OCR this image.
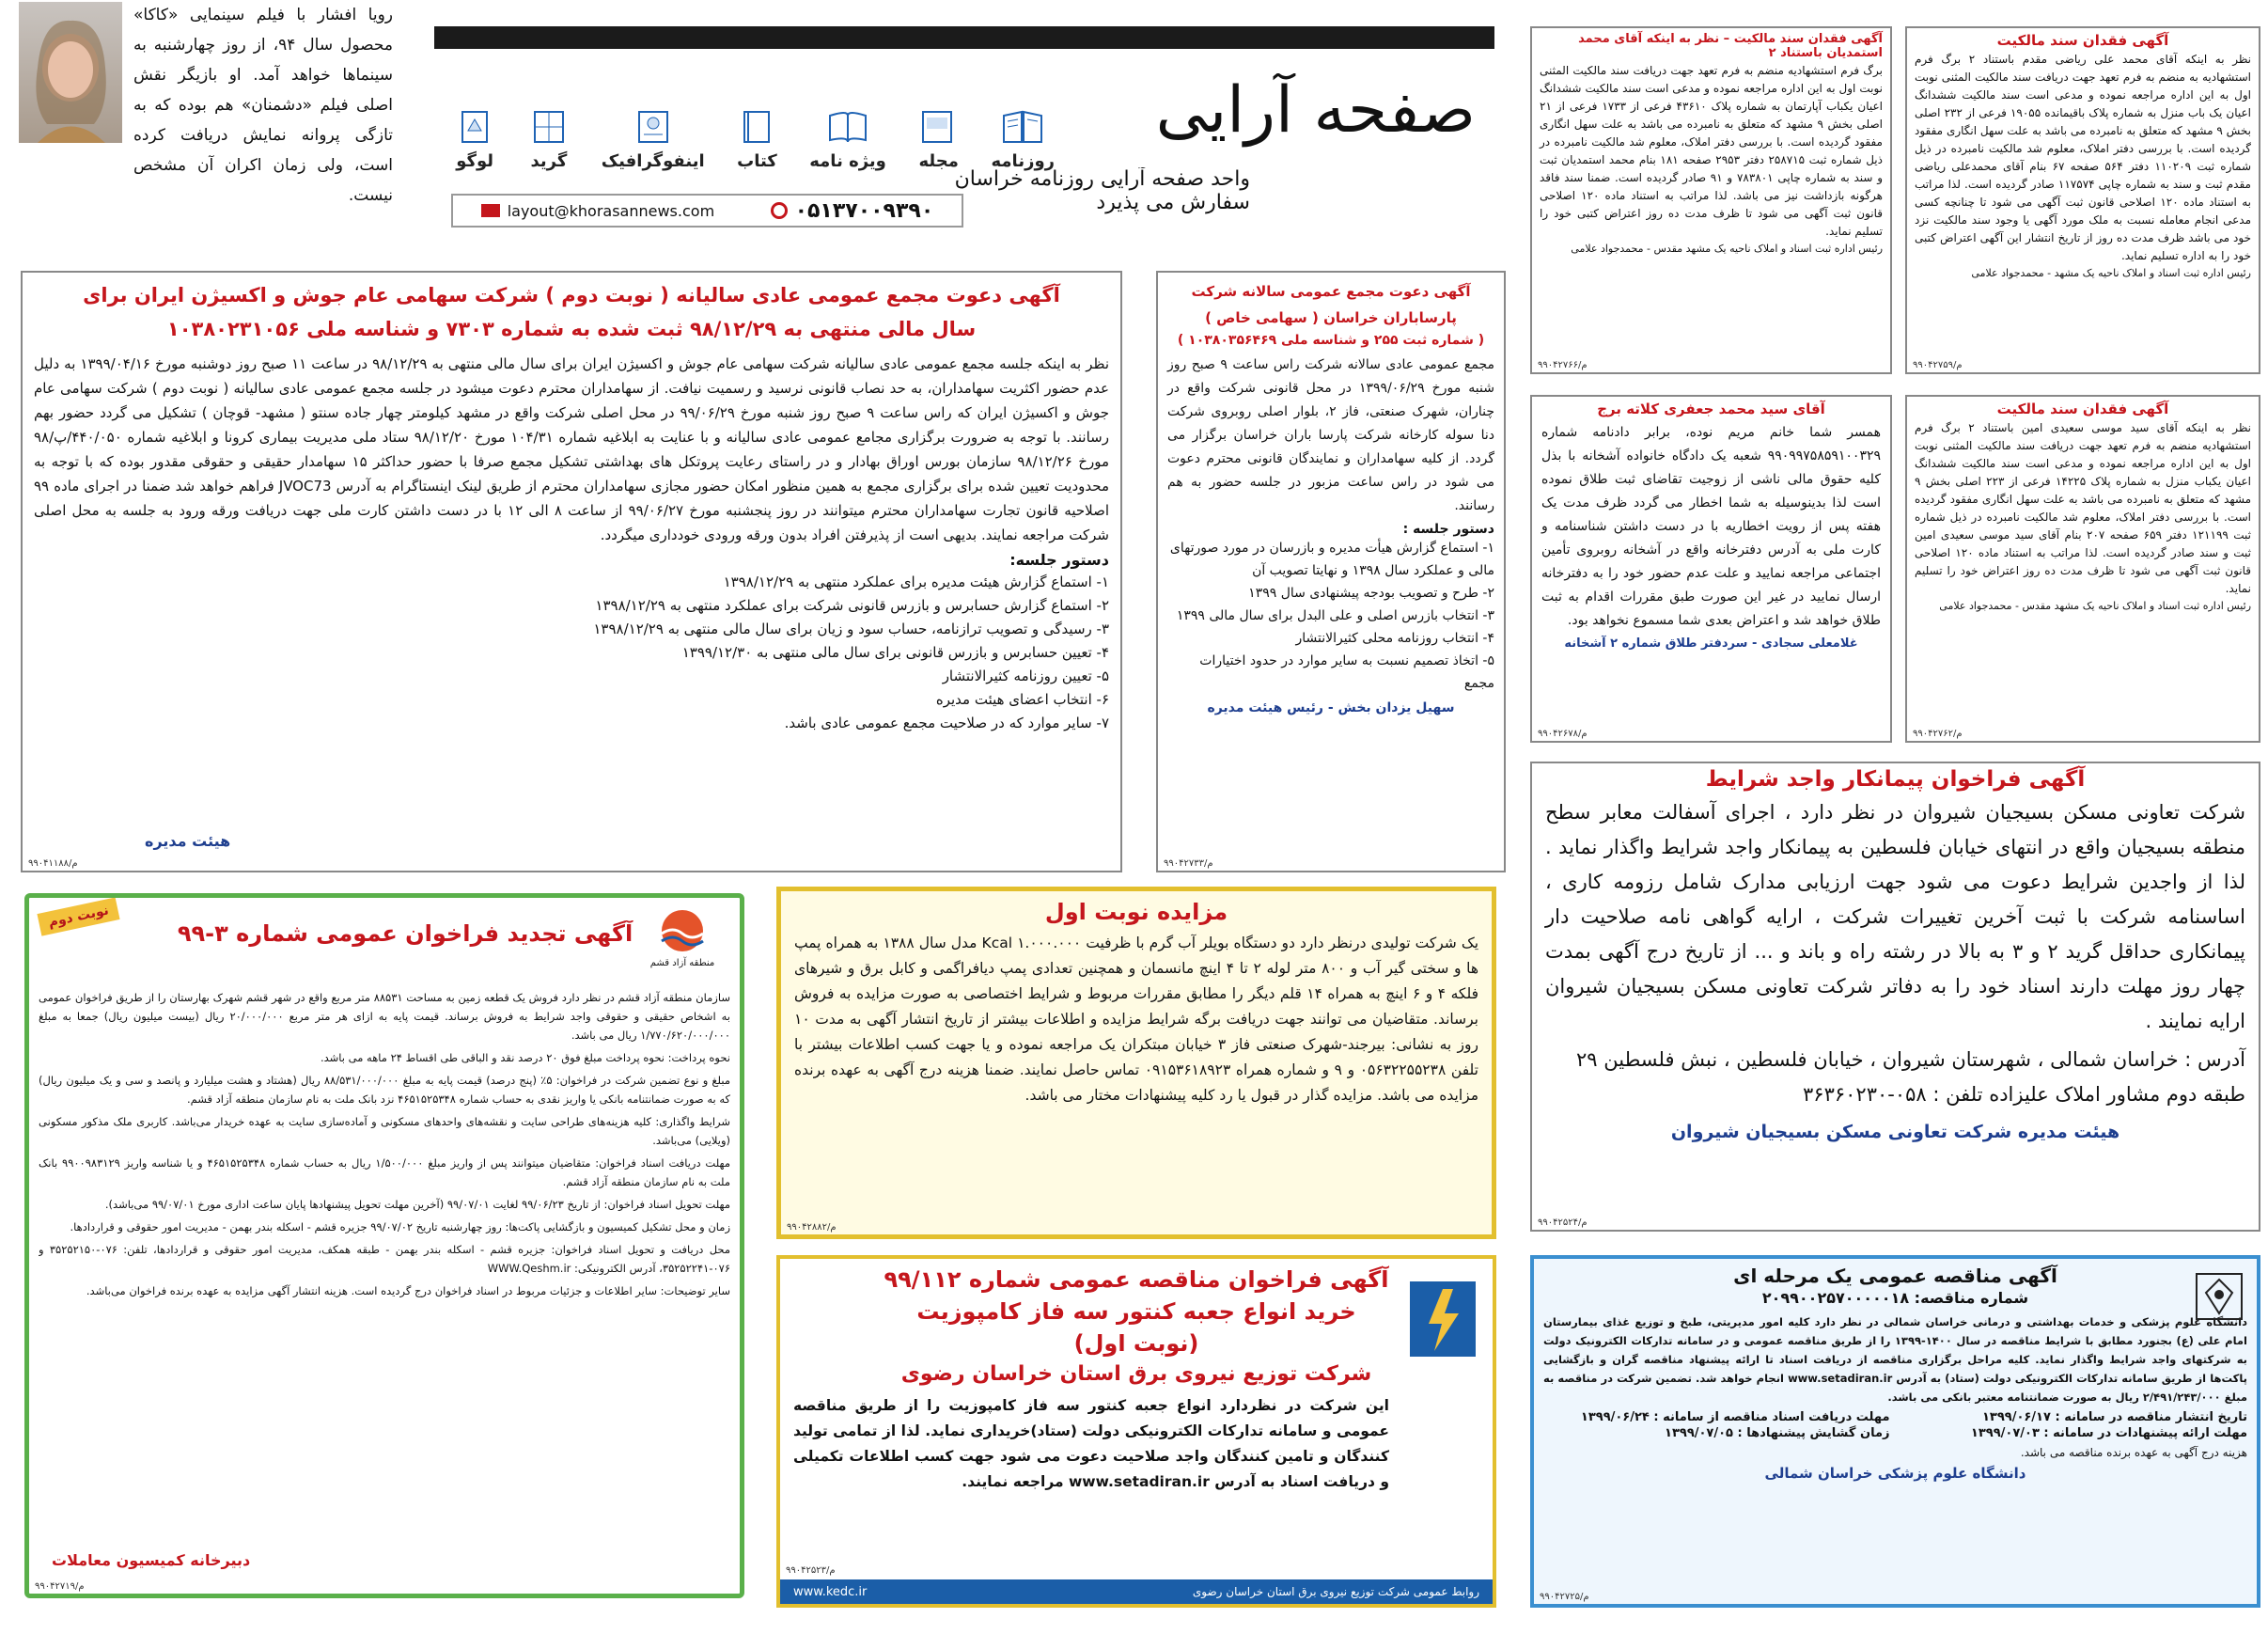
رویا افشار با فیلم سینمایی «کاکا» محصول سال ۹۴، از روز چهارشنبه به سینماها خواهد آمد. او بازیگر نقش اصلی فیلم «دشمنان» هم بوده که به تازگی پروانه نمایش دریافت کرده است، ولی زمان اکران آن مشخص نیست.

صفحه آرایی
واحد صفحه آرایی روزنامه خراسان
سفارش می پذیرد
روزنامه
مجله
ویژه نامه
کتاب
اینفوگرافیک
گرید
لوگو
layout@khorasannews.com	۰۵۱۳۷۰۰۹۳۹۰
آگهی فقدان سند مالکیت

نظر به اینکه آقای محمد علی ریاضی مقدم باستناد ۲ برگ فرم استشهادیه به منضم به فرم تعهد جهت دریافت سند مالکیت المثنی نوبت اول به این اداره مراجعه نموده و مدعی است سند مالکیت ششدانگ اعیان یک باب منزل به شماره پلاک باقیمانده ۱۹۰۵۵ فرعی از ۲۳۲ اصلی بخش ۹ مشهد که متعلق به نامبرده می باشد به علت سهل انگاری مفقود گردیده است. با بررسی دفتر املاک، معلوم شد مالکیت نامبرده در ذیل شماره ثبت ۱۱۰۲۰۹ دفتر ۵۶۴ صفحه ۶۷ بنام آقای محمدعلی ریاضی مقدم ثبت و سند به شماره چاپی ۱۱۷۵۷۴ صادر گردیده است. لذا مراتب به استناد ماده ۱۲۰ اصلاحی قانون ثبت آگهی می شود تا چنانچه کسی مدعی انجام معامله نسبت به ملک مورد آگهی یا وجود سند مالکیت نزد خود می باشد ظرف مدت ده روز از تاریخ انتشار این آگهی اعتراض کتبی خود را به اداره تسلیم نماید.

رئیس اداره ثبت اسناد و املاک ناحیه یک مشهد - محمدجواد علامی
۹۹۰۴۲۷۵۹/م
آگهی فقدان سند مالکیت – نظر به اینکه آقای محمد استمدیان باستناد ۲

برگ فرم استشهادیه منضم به فرم تعهد جهت دریافت سند مالکیت المثنی نوبت اول به این اداره مراجعه نموده و مدعی است سند مالکیت ششدانگ اعیان یکباب آپارتمان به شماره پلاک ۴۳۶۱۰ فرعی از ۱۷۳۳ فرعی از ۲۱ اصلی بخش ۹ مشهد که متعلق به نامبرده می باشد به علت سهل انگاری مفقود گردیده است. با بررسی دفتر املاک، معلوم شد مالکیت نامبرده در ذیل شماره ثبت ۲۵۸۷۱۵ دفتر ۲۹۵۳ صفحه ۱۸۱ بنام محمد استمدیان ثبت و سند به شماره چاپی ۷۸۳۸۰۱ و ۹۱ صادر گردیده است. ضمنا سند فاقد هرگونه بازداشت نیز می باشد. لذا مراتب به استناد ماده ۱۲۰ اصلاحی قانون ثبت آگهی می شود تا ظرف مدت ده روز اعتراض کتبی خود را تسلیم نماید.

رئیس اداره ثبت اسناد و املاک ناحیه یک مشهد مقدس - محمدجواد علامی
۹۹۰۴۲۷۶۶/م
آگهی فقدان سند مالکیت

نظر به اینکه آقای سید موسی سعیدی امین باستناد ۲ برگ فرم استشهادیه منضم به فرم تعهد جهت دریافت سند مالکیت المثنی نوبت اول به این اداره مراجعه نموده و مدعی است سند مالکیت ششدانگ اعیان یکباب منزل به شماره پلاک ۱۴۲۲۵ فرعی از ۲۲۳ اصلی بخش ۹ مشهد که متعلق به نامبرده می باشد به علت سهل انگاری مفقود گردیده است. با بررسی دفتر املاک، معلوم شد مالکیت نامبرده در ذیل شماره ثبت ۱۲۱۱۹۹ دفتر ۶۵۹ صفحه ۲۰۷ بنام آقای سید موسی سعیدی امین ثبت و سند صادر گردیده است. لذا مراتب به استناد ماده ۱۲۰ اصلاحی قانون ثبت آگهی می شود تا ظرف مدت ده روز اعتراض خود را تسلیم نماید.

رئیس اداره ثبت اسناد و املاک ناحیه یک مشهد مقدس - محمدجواد علامی
۹۹۰۴۲۷۶۲/م
آقای سید محمد جعفری کلاته برج

همسر شما خانم مریم نوده، برابر دادنامه شماره ۹۹۰۹۹۷۵۸۵۹۱۰۰۳۲۹ شعبه یک دادگاه خانواده آشخانه با بذل کلیه حقوق مالی ناشی از زوجیت تقاضای ثبت طلاق نموده است لذا بدینوسیله به شما اخطار می گردد ظرف مدت یک هفته پس از رویت اخطاریه با در دست داشتن شناسنامه و کارت ملی به آدرس دفترخانه واقع در آشخانه روبروی تأمین اجتماعی مراجعه نمایید و علت عدم حضور خود را به دفترخانه ارسال نمایید در غیر این صورت طبق مقررات اقدام به ثبت طلاق خواهد شد و اعتراض بعدی شما مسموع نخواهد بود.

غلامعلی سجادی - سردفتر طلاق شماره ۲ آشخانه
۹۹۰۴۲۶۷۸/م
آگهی فراخوان پیمانکار واجد شرایط

شرکت تعاونی مسکن بسیجیان شیروان در نظر دارد ، اجرای آسفالت معابر سطح منطقه بسیجیان واقع در انتهای خیابان فلسطین به پیمانکار واجد شرایط واگذار نماید . لذا از واجدین شرایط دعوت می شود جهت ارزیابی مدارک شامل رزومه کاری ، اساسنامه شرکت با ثبت آخرین تغییرات شرکت ، ارایه گواهی نامه صلاحیت دار پیمانکاری حداقل گرید ۲ و ۳ به بالا در رشته راه و باند و ... از تاریخ درج آگهی بمدت چهار روز مهلت دارند اسناد خود را به دفاتر شرکت تعاونی مسکن بسیجیان شیروان ارایه نمایند .

آدرس : خراسان شمالی ، شهرستان شیروان ، خیابان فلسطین ، نبش فلسطین ۲۹ طبقه دوم مشاور املاک علیزاده تلفن : ۰۵۸-۳۶۳۶۰۲۳۰

هیئت مدیره شرکت تعاونی مسکن بسیجیان شیروان
۹۹۰۴۲۵۲۴/م
آگهی دعوت مجمع عمومی عادی سالیانه ( نوبت دوم ) شرکت سهامی عام جوش و اکسیژن ایران برای سال مالی منتهی به ۹۸/۱۲/۲۹ ثبت شده به شماره ۷۳۰۳ و شناسه ملی ۱۰۳۸۰۲۳۱۰۵۶

نظر به اینکه جلسه مجمع عمومی عادی سالیانه شرکت سهامی عام جوش و اکسیژن ایران برای سال مالی منتهی به ۹۸/۱۲/۲۹ در ساعت ۱۱ صبح روز دوشنبه مورخ ۱۳۹۹/۰۴/۱۶ به دلیل عدم حضور اکثریت سهامداران، به حد نصاب قانونی نرسید و رسمیت نیافت. از سهامداران محترم دعوت میشود در جلسه مجمع عمومی عادی سالیانه ( نوبت دوم ) شرکت سهامی عام جوش و اکسیژن ایران که راس ساعت ۹ صبح روز شنبه مورخ ۹۹/۰۶/۲۹ در محل اصلی شرکت واقع در مشهد کیلومتر چهار جاده سنتو ( مشهد- قوچان ) تشکیل می گردد حضور بهم رسانند. با توجه به ضرورت برگزاری مجامع عمومی عادی سالیانه و با عنایت به ابلاغیه شماره ۱۰۴/۳۱ مورخ ۹۸/۱۲/۲۰ ستاد ملی مدیریت بیماری کرونا و ابلاغیه شماره ۴۴۰/۰۵۰/پ/۹۸ مورخ ۹۸/۱۲/۲۶ سازمان بورس اوراق بهادار و در راستای رعایت پروتکل های بهداشتی تشکیل مجمع صرفا با حضور حداکثر ۱۵ سهامدار حقیقی و حقوقی مقدور بوده که با توجه به محدودیت تعیین شده برای برگزاری مجمع به همین منظور امکان حضور مجازی سهامداران محترم از طریق لینک اینستاگرام به آدرس JVOC73 فراهم خواهد شد ضمنا در اجرای ماده ۹۹ اصلاحیه قانون تجارت سهامداران محترم میتوانند در روز پنجشنبه مورخ ۹۹/۰۶/۲۷ از ساعت ۸ الی ۱۲ با در دست داشتن کارت ملی جهت دریافت ورقه ورود به جلسه به محل اصلی شرکت مراجعه نمایند. بدیهی است از پذیرفتن افراد بدون ورقه ورودی خودداری میگردد.

دستور جلسه:
۱- استماع گزارش هیئت مدیره برای عملکرد منتهی به ۱۳۹۸/۱۲/۲۹
۲- استماع گزارش حسابرس و بازرس قانونی شرکت برای عملکرد منتهی به ۱۳۹۸/۱۲/۲۹
۳- رسیدگی و تصویب ترازنامه، حساب سود و زیان برای سال مالی منتهی به ۱۳۹۸/۱۲/۲۹
۴- تعیین حسابرس و بازرس قانونی برای سال مالی منتهی به ۱۳۹۹/۱۲/۳۰
۵- تعیین روزنامه کثیرالانتشار
۶- انتخاب اعضای هیئت مدیره
۷- سایر موارد که در صلاحیت مجمع عمومی عادی باشد.
هیئت مدیره
۹۹۰۴۱۱۸۸/م
آگهی دعوت مجمع عمومی سالانه شرکت پارساباران خراسان ( سهامی خاص )
( شماره ثبت ۲۵۵ و شناسه ملی ۱۰۳۸۰۳۵۶۴۶۹ )

مجمع عمومی عادی سالانه شرکت راس ساعت ۹ صبح روز شنبه مورخ ۱۳۹۹/۰۶/۲۹ در محل قانونی شرکت واقع در چناران، شهرک صنعتی، فاز ۲، بلوار اصلی روبروی شرکت دنا سوله کارخانه شرکت پارسا باران خراسان برگزار می گردد. از کلیه سهامداران و نمایندگان قانونی محترم دعوت می شود در راس ساعت مزبور در جلسه حضور به هم رسانند.

دستور جلسه :
۱- استماع گزارش هیأت مدیره و بازرسان در مورد صورتهای مالی و عملکرد سال ۱۳۹۸ و نهایتا تصویب آن
۲- طرح و تصویب بودجه پیشنهادی سال ۱۳۹۹
۳- انتخاب بازرس اصلی و علی البدل برای سال مالی ۱۳۹۹
۴- انتخاب روزنامه محلی کثیرالانتشار
۵- اتخاذ تصمیم نسبت به سایر موارد در حدود اختیارات مجمع
سهیل یزدان بخش - رئیس هیئت مدیره
۹۹۰۴۲۷۳۳/م
نوبت دوم
منطقه آزاد قشم
آگهی تجدید فراخوان عمومی شماره ۳-۹۹

سازمان منطقه آزاد قشم در نظر دارد فروش یک قطعه زمین به مساحت ۸۸۵۳۱ متر مربع واقع در شهر قشم شهرک بهارستان را از طریق فراخوان عمومی به اشخاص حقیقی و حقوقی واجد شرایط به فروش برساند. قیمت پایه به ازای هر متر مربع ۲۰/۰۰۰/۰۰۰ ریال (بیست میلیون ریال) جمعا به مبلغ ۱/۷۷۰/۶۲۰/۰۰۰/۰۰۰ ریال می باشد.

نحوه پرداخت: نحوه پرداخت مبلغ فوق ۲۰ درصد نقد و الباقی طی اقساط ۲۴ ماهه می باشد.

مبلغ و نوع تضمین شرکت در فراخوان: ۵٪ (پنج درصد) قیمت پایه به مبلغ ۸۸/۵۳۱/۰۰۰/۰۰۰ ریال (هشتاد و هشت میلیارد و پانصد و سی و یک میلیون ریال) که به صورت ضمانتنامه بانکی یا واریز نقدی به حساب شماره ۴۶۵۱۵۲۵۳۴۸ نزد بانک ملت به نام سازمان منطقه آزاد قشم.

شرایط واگذاری: کلیه هزینه‌های طراحی سایت و نقشه‌های واحدهای مسکونی و آماده‌سازی سایت به عهده خریدار می‌باشد. کاربری ملک مذکور مسکونی (ویلایی) می‌باشد.

مهلت دریافت اسناد فراخوان: متقاضیان میتوانند پس از واریز مبلغ ۱/۵۰۰/۰۰۰ ریال به حساب شماره ۴۶۵۱۵۲۵۳۴۸ و یا شناسه واریز ۹۹۰۰۹۸۳۱۲۹ بانک ملت به نام سازمان منطقه آزاد قشم.

مهلت تحویل اسناد فراخوان: از تاریخ ۹۹/۰۶/۲۳ لغایت ۹۹/۰۷/۰۱ (آخرین مهلت تحویل پیشنهادها پایان ساعت اداری مورخ ۹۹/۰۷/۰۱ می‌باشد).

زمان و محل تشکیل کمیسیون و بازگشایی پاکت‌ها: روز چهارشنبه تاریخ ۹۹/۰۷/۰۲ جزیره قشم - اسکله بندر بهمن - مدیریت امور حقوقی و قراردادها.

محل دریافت و تحویل اسناد فراخوان: جزیره قشم - اسکله بندر بهمن - طبقه همکف، مدیریت امور حقوقی و قراردادها، تلفن: ۰۷۶-۳۵۲۵۲۱۵۰ و ۰۷۶-۳۵۲۵۲۲۴۱، آدرس الکترونیکی: WWW.Qeshm.ir

سایر توضیحات: سایر اطلاعات و جزئیات مربوط در اسناد فراخوان درج گردیده است. هزینه انتشار آگهی مزایده به عهده برنده فراخوان می‌باشد.

دبیرخانه کمیسیون معاملات
۹۹۰۴۲۷۱۹/م
مزایده نوبت اول

یک شرکت تولیدی درنظر دارد دو دستگاه بویلر آب گرم با ظرفیت ۱.۰۰۰.۰۰۰ Kcal مدل سال ۱۳۸۸ به همراه پمپ ها و سختی گیر آب و ۸۰۰ متر لوله ۲ تا ۴ اینچ مانسمان و همچنین تعدادی پمپ دیافراگمی و کابل برق و شیرهای فلکه ۴ و ۶ اینچ به همراه ۱۴ قلم دیگر را مطابق مقررات مربوط و شرایط اختصاصی به صورت مزایده به فروش برساند. متقاضیان می توانند جهت دریافت برگه شرایط مزایده و اطلاعات بیشتر از تاریخ انتشار آگهی به مدت ۱۰ روز به نشانی: بیرجند-شهرک صنعتی فاز ۳ خیابان مبتکران یک مراجعه نموده و یا جهت کسب اطلاعات بیشتر با تلفن ۰۵۶۳۲۲۵۵۲۳۸ و ۹ و شماره همراه ۰۹۱۵۳۶۱۸۹۲۳ تماس حاصل نمایند. ضمنا هزینه درج آگهی به عهده برنده مزایده می باشد. مزایده گذار در قبول یا رد کلیه پیشنهادات مختار می باشد.

۹۹۰۴۲۸۸۲/م
آگهی فراخوان مناقصه عمومی شماره ۹۹/۱۱۲
خرید انواع جعبه کنتور سه فاز کامپوزیت
(نوبت اول)
شرکت توزیع نیروی برق استان خراسان رضوی

این شرکت در نظردارد انواع جعبه کنتور سه فاز کامپوزیت را از طریق مناقصه عمومی و سامانه تدارکات الکترونیکی دولت (ستاد)خریداری نماید. لذا از تمامی تولید کنندگان و تامین کنندگان واجد صلاحیت دعوت می شود جهت کسب اطلاعات تکمیلی و دریافت اسناد به آدرس www.setadiran.ir مراجعه نمایند.

روابط عمومی شرکت توزیع نیروی برق استان خراسان رضوی
www.kedc.ir
۹۹۰۴۲۵۲۳/م
آگهی مناقصه عمومی یک مرحله ای
شماره مناقصه: ۲۰۹۹۰۰۲۵۷۰۰۰۰۰۱۸

دانشگاه علوم پزشکی و خدمات بهداشتی و درمانی خراسان شمالی در نظر دارد کلیه امور مدیریتی، طبخ و توزیع غذای بیمارستان امام علی (ع) بجنورد مطابق با شرایط مناقصه در سال ۱۴۰۰-۱۳۹۹ را از طریق مناقصه عمومی و در سامانه تدارکات الکترونیک دولت به شرکتهای واجد شرایط واگذار نماید. کلیه مراحل برگزاری مناقصه از دریافت اسناد تا ارائه پیشنهاد مناقصه گران و بازگشایی پاکت‌ها از طریق سامانه تدارکات الکترونیکی دولت (ستاد) به آدرس www.setadiran.ir انجام خواهد شد. تضمین شرکت در مناقصه به مبلغ ۲/۴۹۱/۲۴۳/۰۰۰ ریال به صورت ضمانتنامه معتبر بانکی می باشد.

تاریخ انتشار مناقصه در سامانه : ۱۳۹۹/۰۶/۱۷
مهلت دریافت اسناد مناقصه از سامانه : ۱۳۹۹/۰۶/۲۴
مهلت ارائه پیشنهادات در سامانه : ۱۳۹۹/۰۷/۰۳
زمان گشایش پیشنهادها : ۱۳۹۹/۰۷/۰۵
هزینه درج آگهی به عهده برنده مناقصه می باشد.
دانشگاه علوم پزشکی خراسان شمالی
۹۹۰۴۲۷۲۵/م
